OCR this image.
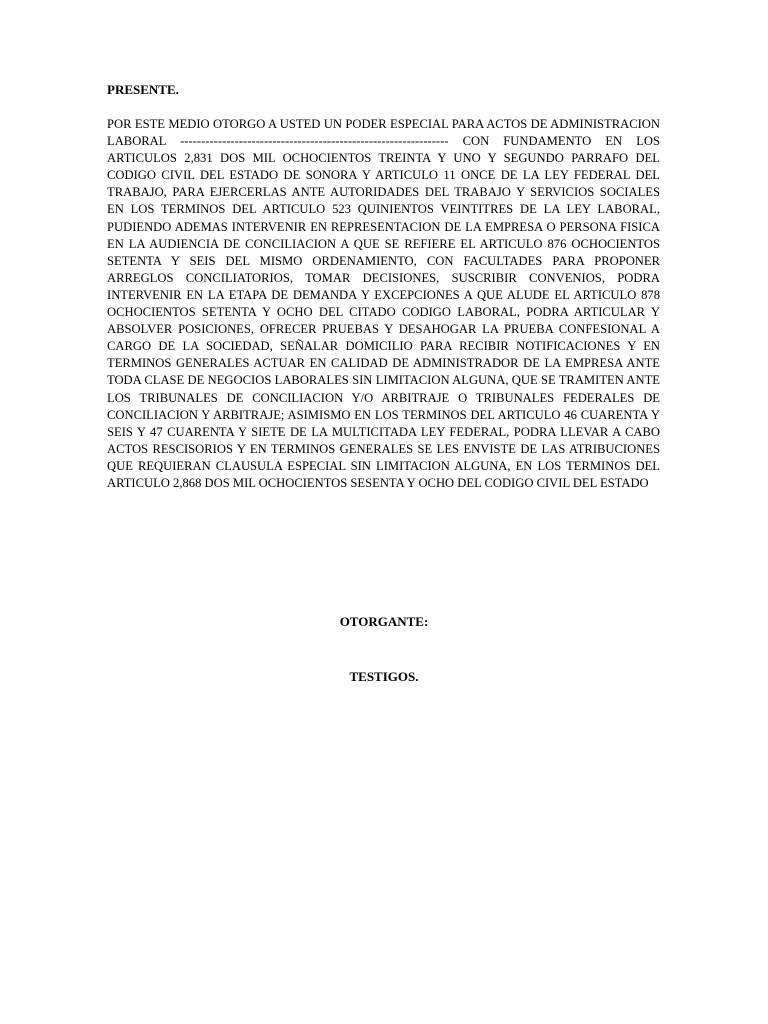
PRESENTE.

POR ESTE MEDIO OTORGO A USTED UN PODER ESPECIAL PARA ACTOS DE ADMINISTRACION
LABORAL ---------------------------------------------------------------- CON FUNDAMENTO EN LOS
ARTICULOS 2,831 DOS MIL OCHOCIENTOS TREINTA Y UNO Y SEGUNDO PARRAFO DEL
CODIGO CIVIL DEL ESTADO DE SONORA Y ARTICULO 11 ONCE DE LA LEY FEDERAL DEL
TRABAJO, PARA EJERCERLAS ANTE AUTORIDADES DEL TRABAJO Y SERVICIOS SOCIALES
EN LOS TERMINOS DEL ARTICULO 523 QUINIENTOS VEINTITRES DE LA LEY LABORAL,
PUDIENDO ADEMAS INTERVENIR EN REPRESENTACION DE LA EMPRESA O PERSONA FISICA
EN LA AUDIENCIA DE CONCILIACION A QUE SE REFIERE EL ARTICULO 876 OCHOCIENTOS
SETENTA Y SEIS DEL MISMO ORDENAMIENTO, CON FACULTADES PARA PROPONER
ARREGLOS CONCILIATORIOS, TOMAR DECISIONES, SUSCRIBIR CONVENIOS, PODRA
INTERVENIR EN LA ETAPA DE DEMANDA Y EXCEPCIONES A QUE ALUDE EL ARTICULO 878
OCHOCIENTOS SETENTA Y OCHO DEL CITADO CODIGO LABORAL, PODRA ARTICULAR Y
ABSOLVER POSICIONES, OFRECER PRUEBAS Y DESAHOGAR LA PRUEBA CONFESIONAL A
CARGO DE LA SOCIEDAD, SEÑALAR DOMICILIO PARA RECIBIR NOTIFICACIONES Y EN
TERMINOS GENERALES ACTUAR EN CALIDAD DE ADMINISTRADOR DE LA EMPRESA ANTE
TODA CLASE DE NEGOCIOS LABORALES SIN LIMITACION ALGUNA, QUE SE TRAMITEN ANTE
LOS TRIBUNALES DE CONCILIACION Y/O ARBITRAJE O TRIBUNALES FEDERALES DE
CONCILIACION Y ARBITRAJE; ASIMISMO EN LOS TERMINOS DEL ARTICULO 46 CUARENTA Y
SEIS Y 47 CUARENTA Y SIETE DE LA MULTICITADA LEY FEDERAL, PODRA LLEVAR A CABO
ACTOS RESCISORIOS Y EN TERMINOS GENERALES SE LES ENVISTE DE LAS ATRIBUCIONES
QUE REQUIERAN CLAUSULA ESPECIAL SIN LIMITACION ALGUNA, EN LOS TERMINOS DEL
ARTICULO 2,868 DOS MIL OCHOCIENTOS SESENTA Y OCHO DEL CODIGO CIVIL DEL ESTADO

OTORGANTE:

TESTIGOS.
